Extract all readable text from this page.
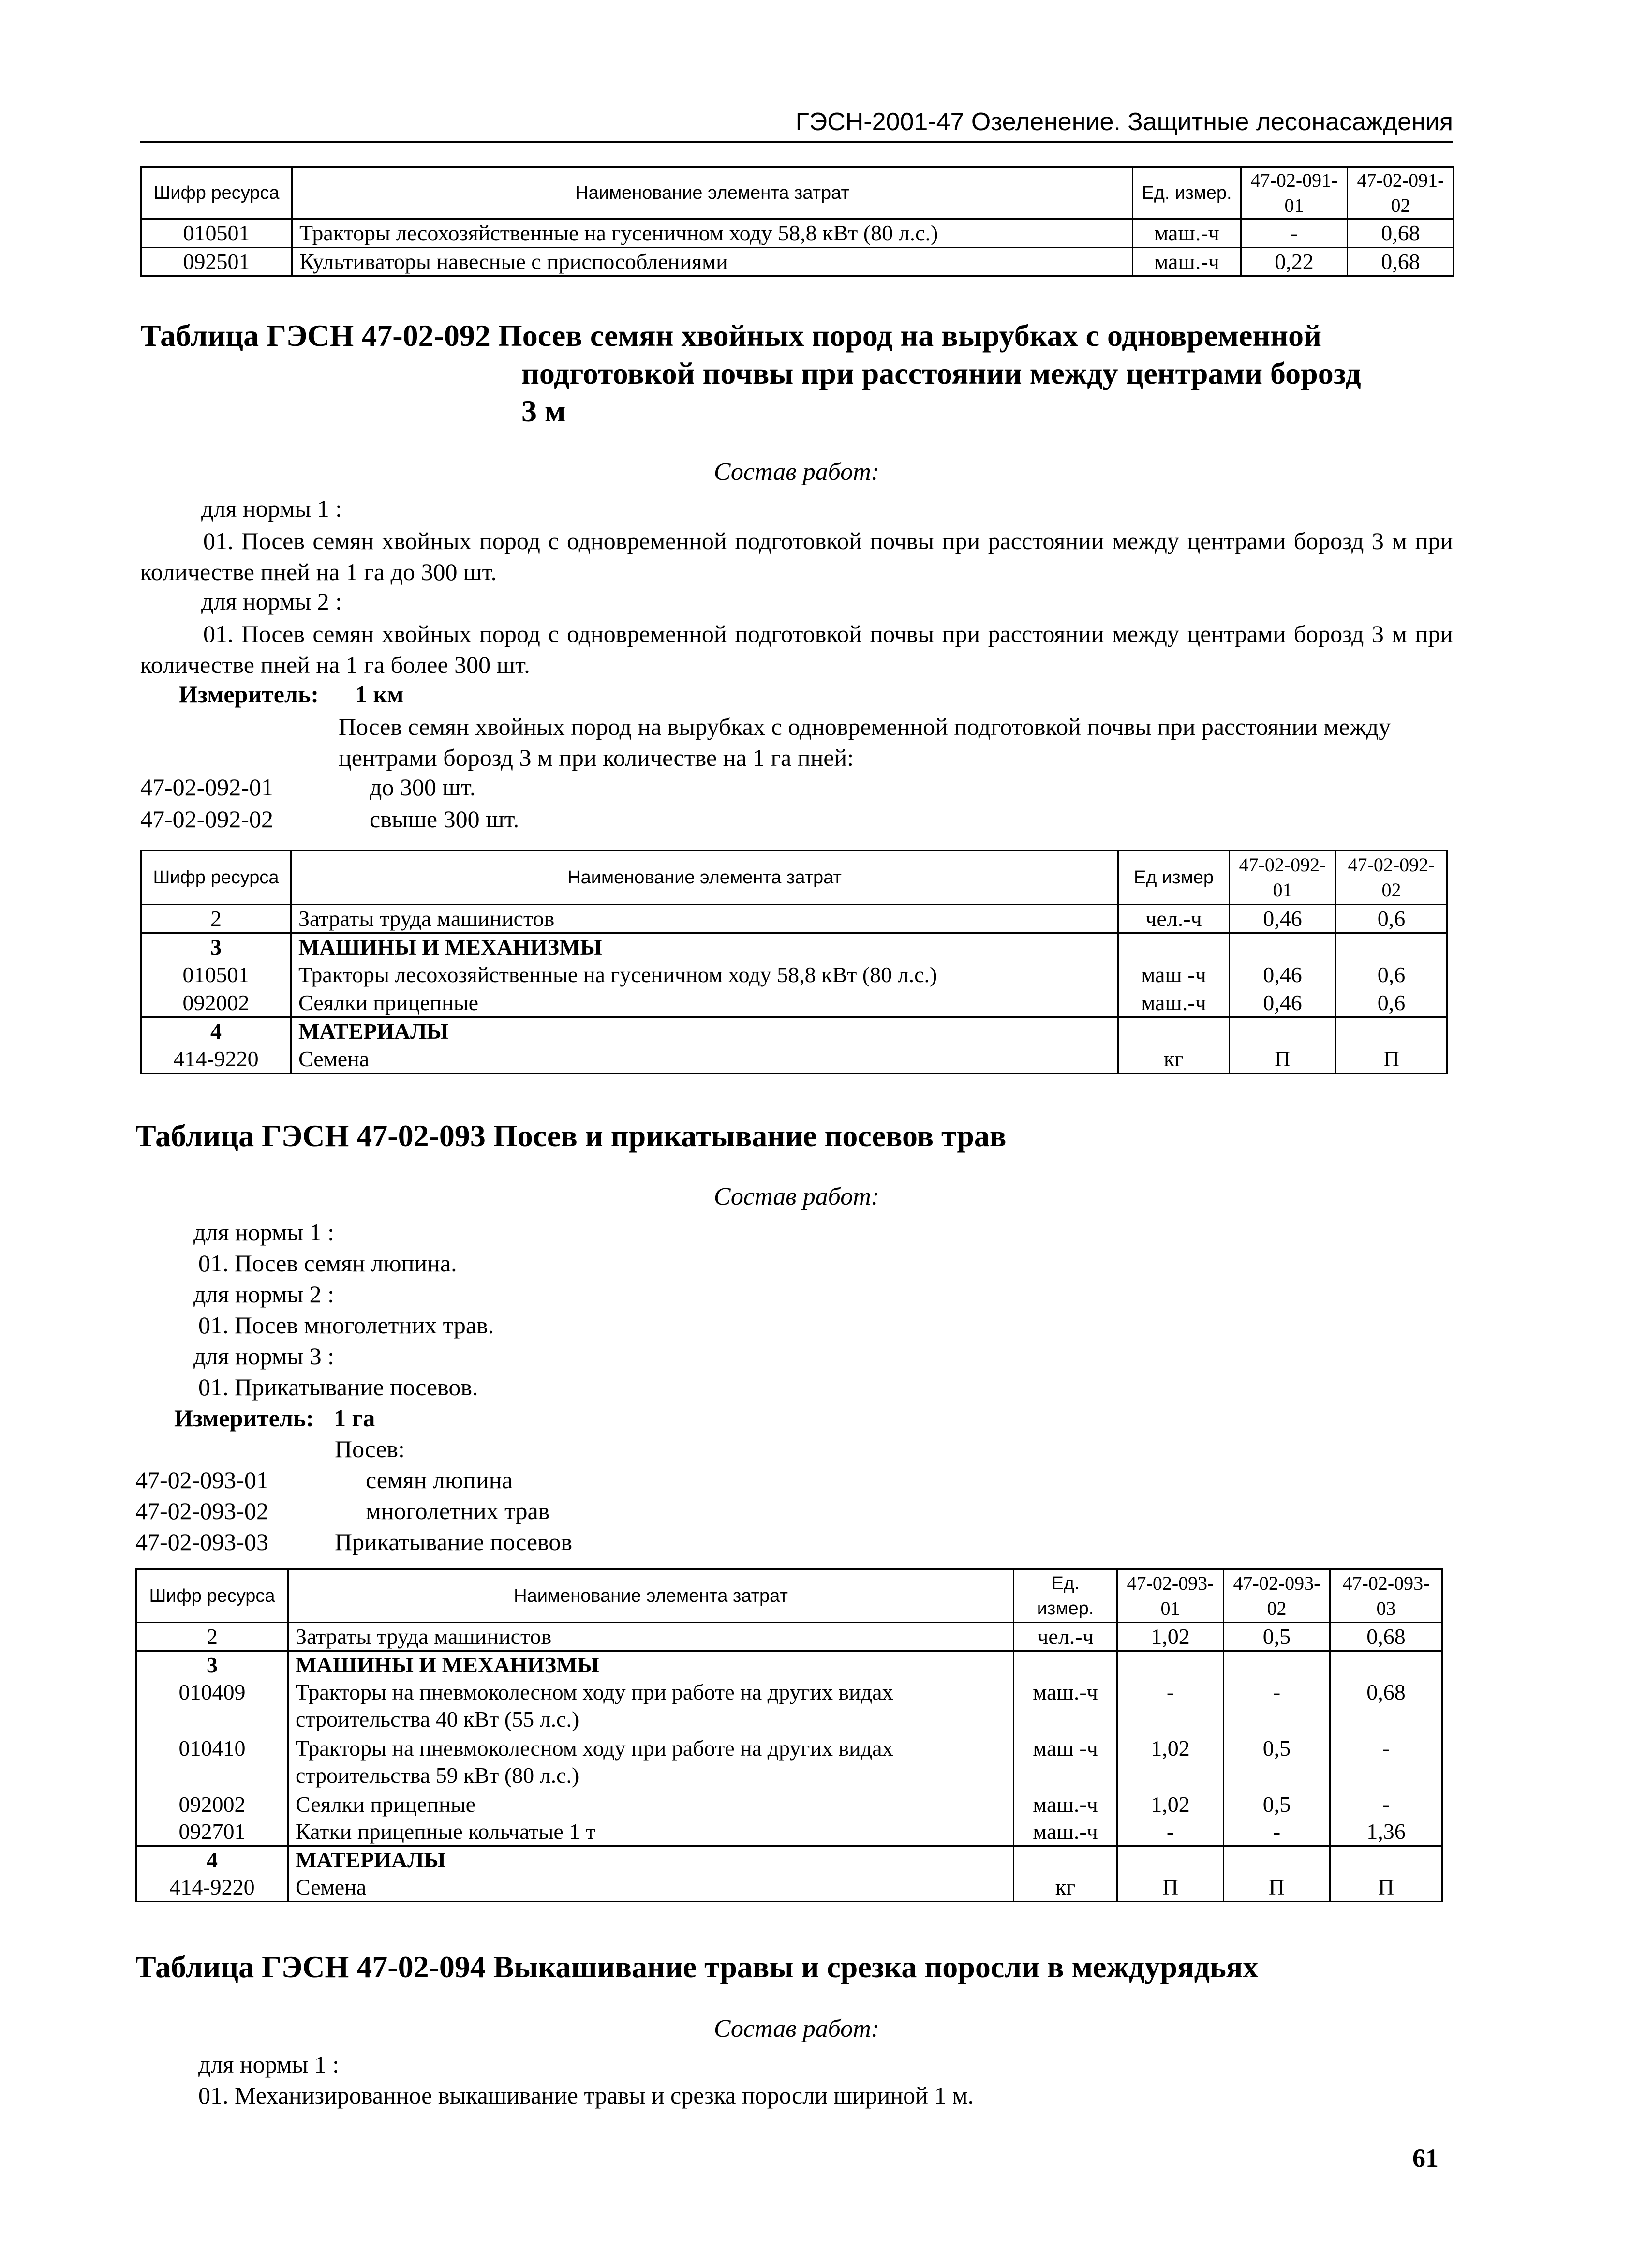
ГЭСН-2001-47 Озеленение. Защитные лесонасаждения
Шифр ресурса	Наименование элемента затрат	Ед. измер.	47-02-091-01	47-02-091-02
010501	Тракторы лесохозяйственные на гусеничном ходу 58,8 кВт (80 л.с.)	маш.-ч	-	0,68
092501	Культиваторы навесные с приспособлениями	маш.-ч	0,22	0,68
Таблица ГЭСН 47-02-092 Посев семян хвойных пород на вырубках с одновременной
подготовкой почвы при расстоянии между центрами борозд
3 м
Состав работ:
для нормы 1 :
01. Посев семян хвойных пород с одновременной подготовкой почвы при расстоянии между центрами борозд 3 м при количестве пней на 1 га до 300 шт.
для нормы 2 :
01. Посев семян хвойных пород с одновременной подготовкой почвы при расстоянии между центрами борозд 3 м при количестве пней на 1 га более 300 шт.
Измеритель: 1 км
Посев семян хвойных пород на вырубках с одновременной подготовкой почвы при расстоянии между центрами борозд 3 м при количестве на 1 га пней:
47-02-092-01	до 300 шт.
47-02-092-02	свыше 300 шт.
Шифр ресурса	Наименование элемента затрат	Ед измер	47-02-092-01	47-02-092-02
2	Затраты труда машинистов	чел.-ч	0,46	0,6
3	МАШИНЫ И МЕХАНИЗМЫ			
010501	Тракторы лесохозяйственные на гусеничном ходу 58,8 кВт (80 л.с.)	маш -ч	0,46	0,6
092002	Сеялки прицепные	маш.-ч	0,46	0,6
4	МАТЕРИАЛЫ			
414-9220	Семена	кг	П	П
Таблица ГЭСН 47-02-093 Посев и прикатывание посевов трав
Состав работ:
для нормы 1 :
01. Посев семян люпина.
для нормы 2 :
01. Посев многолетних трав.
для нормы 3 :
01. Прикатывание посевов.
Измеритель: 1 га
Посев:
47-02-093-01	семян люпина
47-02-093-02	многолетних трав
47-02-093-03	Прикатывание посевов
Шифр ресурса	Наименование элемента затрат	Ед. измер.	47-02-093-01	47-02-093-02	47-02-093-03
2	Затраты труда машинистов	чел.-ч	1,02	0,5	0,68
3	МАШИНЫ И МЕХАНИЗМЫ				
010409	Тракторы на пневмоколесном ходу при работе на других видах строительства 40 кВт (55 л.с.)	маш.-ч	-	-	0,68
010410	Тракторы на пневмоколесном ходу при работе на других видах строительства 59 кВт (80 л.с.)	маш -ч	1,02	0,5	-
092002	Сеялки прицепные	маш.-ч	1,02	0,5	-
092701	Катки прицепные кольчатые 1 т	маш.-ч	-	-	1,36
4	МАТЕРИАЛЫ				
414-9220	Семена	кг	П	П	П
Таблица ГЭСН 47-02-094 Выкашивание травы и срезка поросли в междурядьях
Состав работ:
для нормы 1 :
01. Механизированное выкашивание травы и срезка поросли шириной 1 м.
61
